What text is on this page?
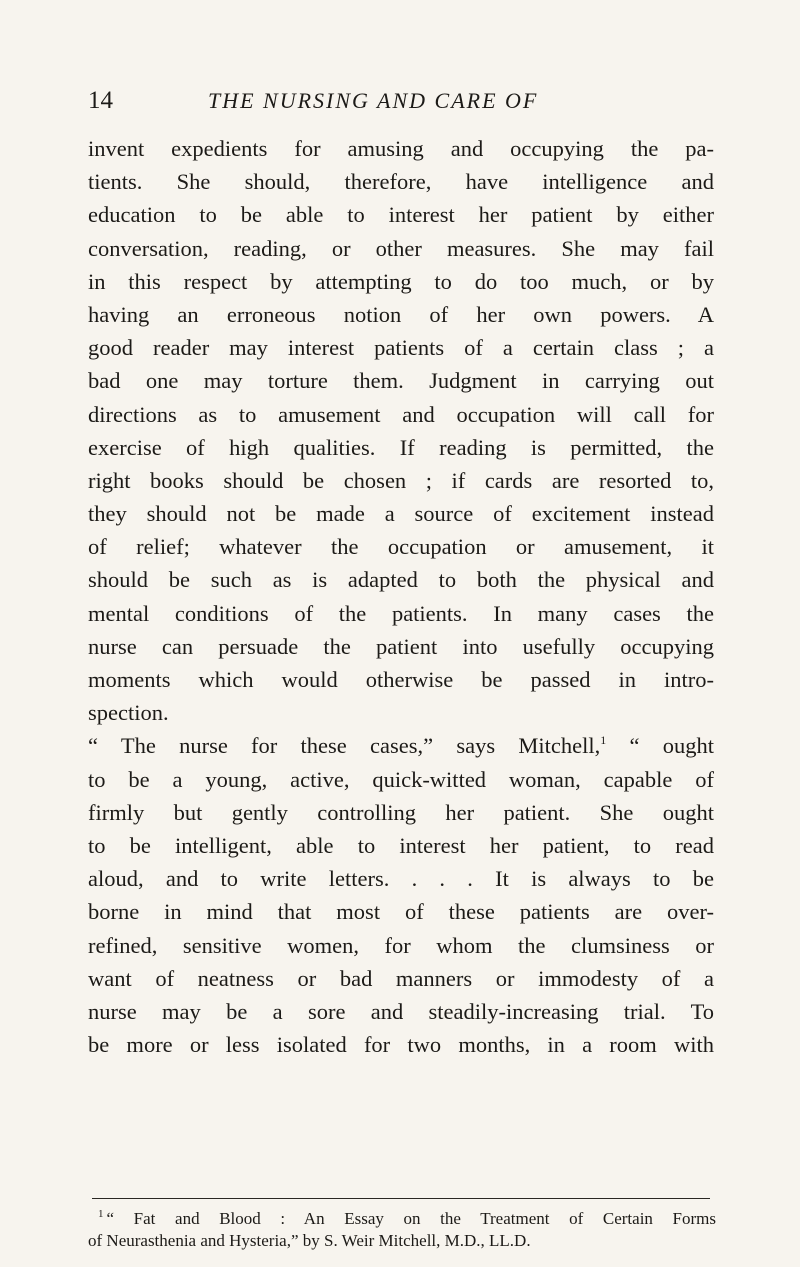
14	THE NURSING AND CARE OF
invent expedients for amusing and occupying the pa-
tients. She should, therefore, have intelligence and
education to be able to interest her patient by either
conversation, reading, or other measures. She may fail
in this respect by attempting to do too much, or by
having an erroneous notion of her own powers. A
good reader may interest patients of a certain class ; a
bad one may torture them. Judgment in carrying out
directions as to amusement and occupation will call for
exercise of high qualities. If reading is permitted, the
right books should be chosen ; if cards are resorted to,
they should not be made a source of excitement instead
of relief; whatever the occupation or amusement, it
should be such as is adapted to both the physical and
mental conditions of the patients. In many cases the
nurse can persuade the patient into usefully occupying
moments which would otherwise be passed in intro-
spection.
“ The nurse for these cases,” says Mitchell,$^1$ “ ought
to be a young, active, quick-witted woman, capable of
firmly but gently controlling her patient. She ought
to be intelligent, able to interest her patient, to read
aloud, and to write letters. . . . It is always to be
borne in mind that most of these patients are over-
refined, sensitive women, for whom the clumsiness or
want of neatness or bad manners or immodesty of a
nurse may be a sore and steadily-increasing trial. To
be more or less isolated for two months, in a room with
$^1$ “ Fat and Blood : An Essay on the Treatment of Certain Forms
of Neurasthenia and Hysteria,” by S. Weir Mitchell, M.D., LL.D.
